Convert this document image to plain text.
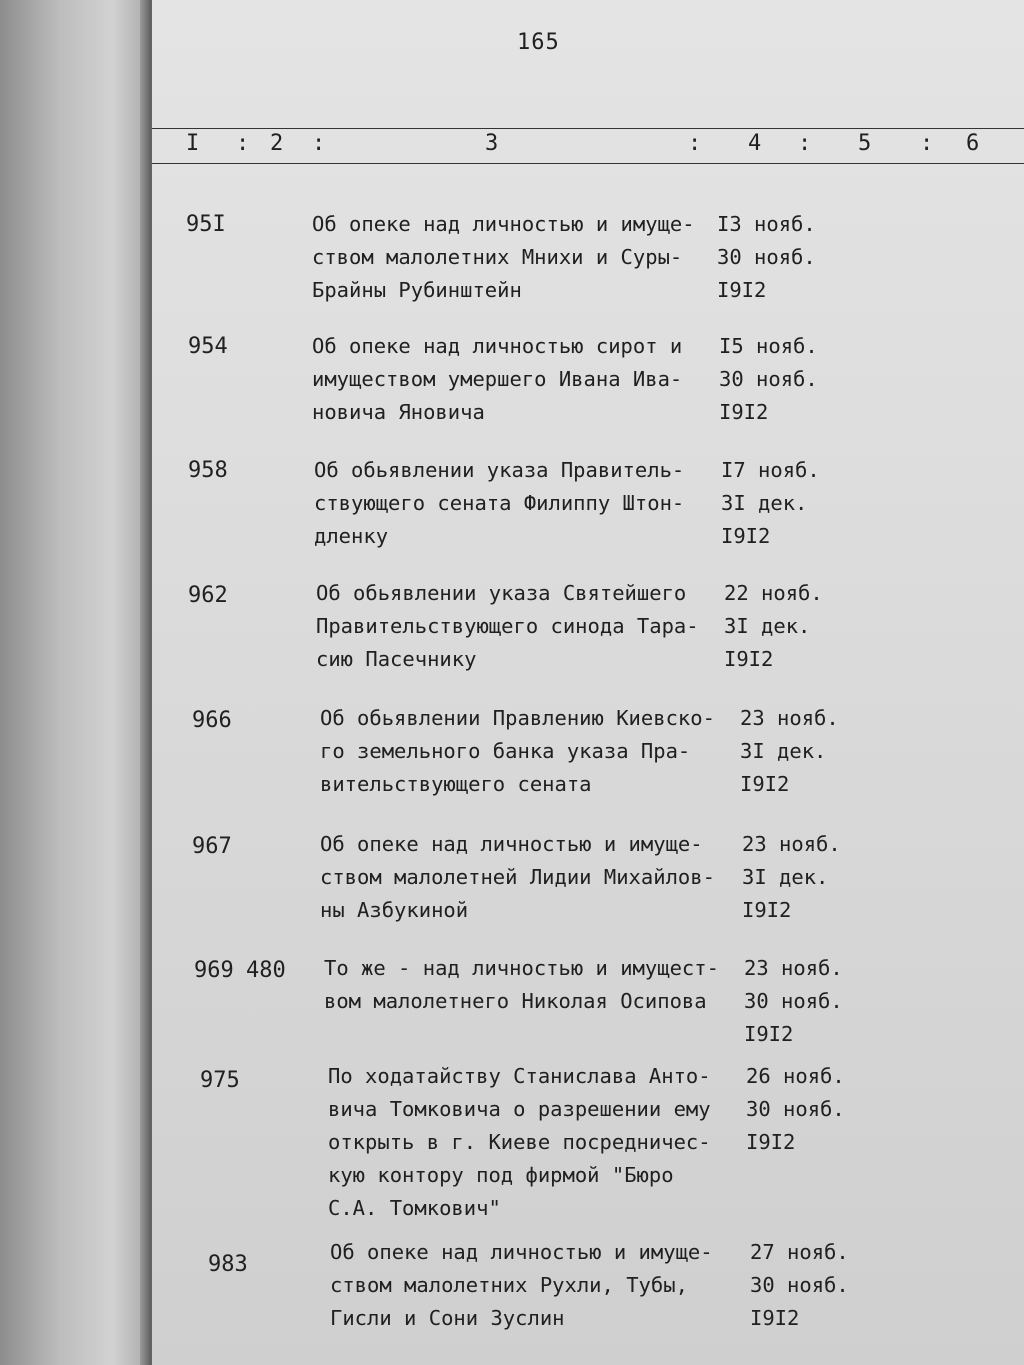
165
I : 2 :	3	: 4 : 5 : 6
95I	Об опеке над личностью и имуще-
ством малолетних Мнихи и Суры-
Брайны Рубинштейн
I3 нояб.
30 нояб.
I9I2
954	Об опеке над личностью сирот и
имуществом умершего Ивана Ива-
новича Яновича
I5 нояб.
30 нояб.
I9I2
958	Об обьявлении указа Правитель-
ствующего сената Филиппу Штон-
дленку
I7 нояб.
3I дек.
I9I2
962	Об обьявлении указа Святейшего
Правительствующего синода Тара-
сию Пасечнику
22 нояб.
3I дек.
I9I2
966	Об обьявлении Правлению Киевско-
го земельного банка указа Пра-
вительствующего сената
23 нояб.
3I дек.
I9I2
967	Об опеке над личностью и имуще-
ством малолетней Лидии Михайлов-
ны Азбукиной
23 нояб.
3I дек.
I9I2
969 480 То же - над личностью и имущест-
вом малолетнего Николая Осипова
23 нояб.
30 нояб.
I9I2
975	По ходатайству Станислава Анто-
вича Томковича о разрешении ему
открыть в г. Киеве посредничес-
кую контору под фирмой "Бюро
С.А. Томкович"
26 нояб.
30 нояб.
I9I2
983	Об опеке над личностью и имуще-
ством малолетних Рухли, Тубы,
Гисли и Сони Зуслин
27 нояб.
30 нояб.
I9I2
